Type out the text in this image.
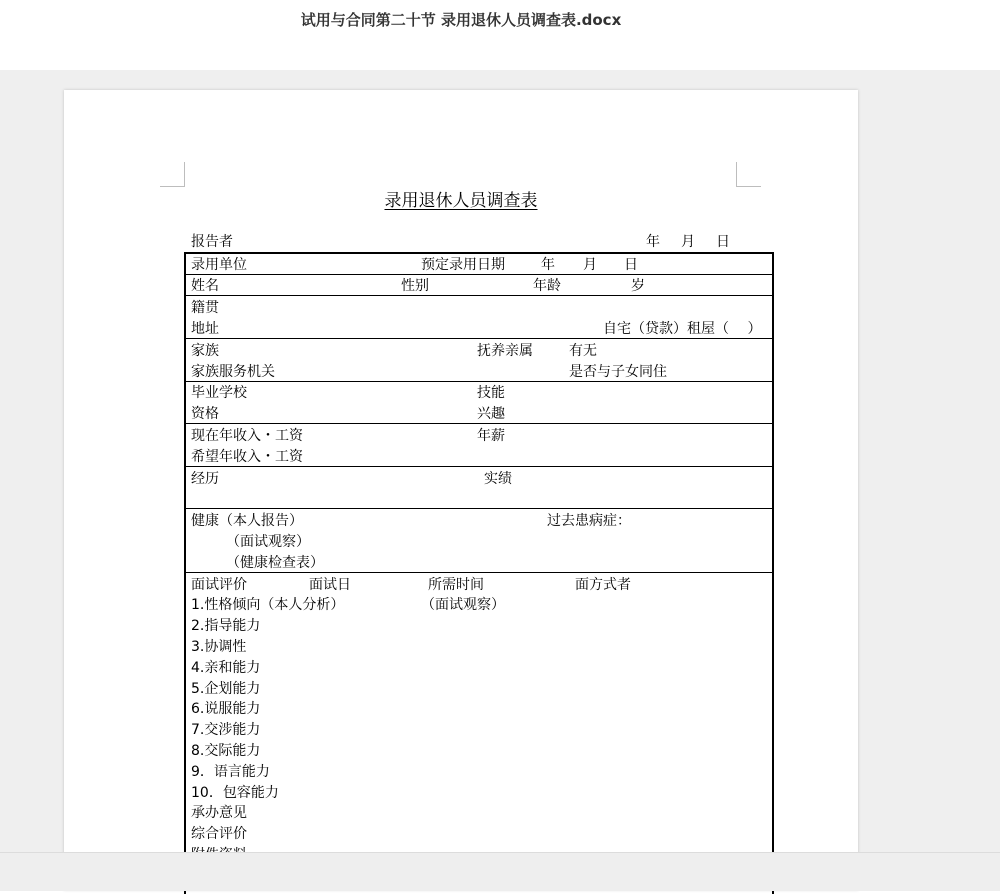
试用与合同第二十节 录用退休人员调查表.docx
录用退休人员调查表
报告者	年 月 日
录用单位	预定录用日期	年 月 日
姓名	性别	年龄	岁
籍贯
地址	自宅（贷款）租屋（　 ）
家族	抚养亲属	有无
家族服务机关	是否与子女同住
毕业学校	技能
资格	兴趣
现在年收入・工资	年薪
希望年收入・工资
经历	实绩
健康（本人报告）	过去患病症：
（面试观察）
（健康检查表）
面试评价	面试日	所需时间	面方式者
1.性格倾向（本人分析）	（面试观察）
2.指导能力
3.协调性
4.亲和能力
5.企划能力
6.说服能力
7.交涉能力
8.交际能力
9．语言能力
10．包容能力
承办意见
综合评价
